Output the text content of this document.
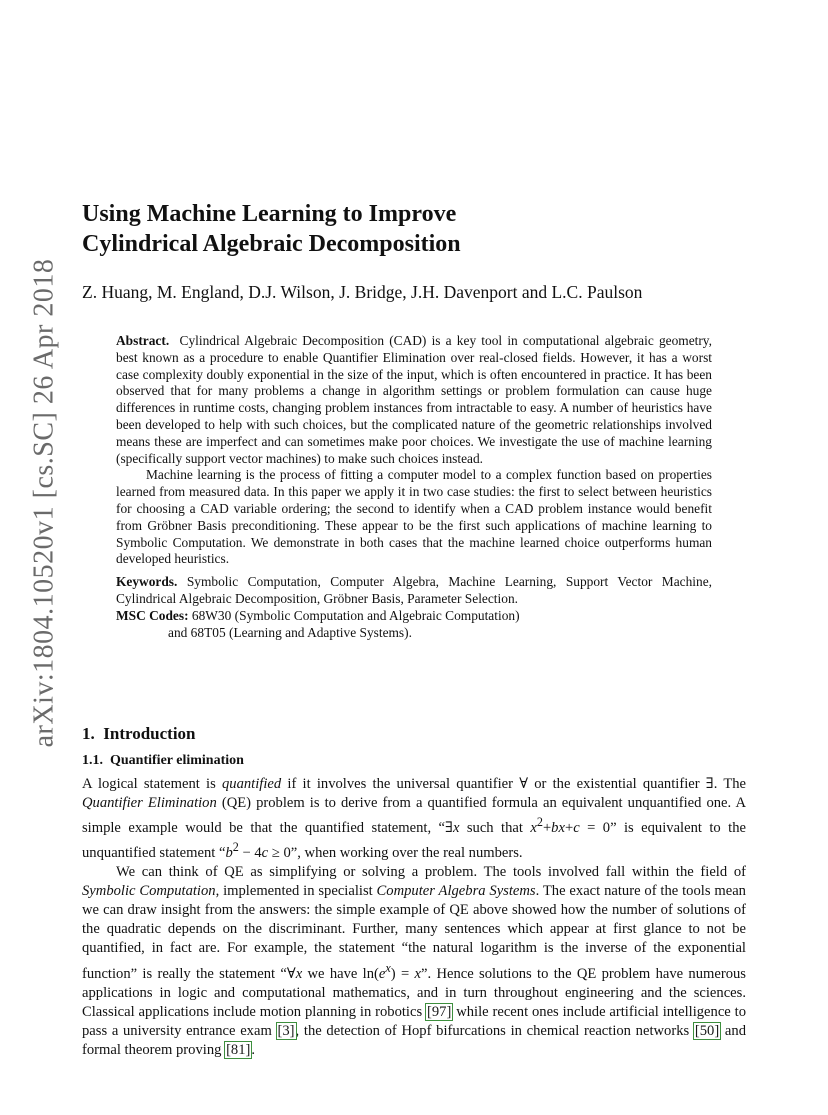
arXiv:1804.10520v1 [cs.SC] 26 Apr 2018
Using Machine Learning to Improve
Cylindrical Algebraic Decomposition

Z. Huang, M. England, D.J. Wilson, J. Bridge, J.H. Davenport and L.C. Paulson

Abstract. Cylindrical Algebraic Decomposition (CAD) is a key tool in computational algebraic geometry, best known as a procedure to enable Quantifier Elimination over real-closed fields. However, it has a worst case complexity doubly exponential in the size of the input, which is often encountered in practice. It has been observed that for many problems a change in algorithm settings or problem formulation can cause huge differences in runtime costs, changing problem instances from intractable to easy. A number of heuristics have been developed to help with such choices, but the complicated nature of the geometric relationships involved means these are imperfect and can sometimes make poor choices. We investigate the use of machine learning (specifically support vector machines) to make such choices instead.

Machine learning is the process of fitting a computer model to a complex function based on properties learned from measured data. In this paper we apply it in two case studies: the first to select between heuristics for choosing a CAD variable ordering; the second to identify when a CAD problem instance would benefit from Gröbner Basis preconditioning. These appear to be the first such applications of machine learning to Symbolic Computation. We demonstrate in both cases that the machine learned choice outperforms human developed heuristics.

Keywords. Symbolic Computation, Computer Algebra, Machine Learning, Support Vector Machine, Cylindrical Algebraic Decomposition, Gröbner Basis, Parameter Selection.

MSC Codes: 68W30 (Symbolic Computation and Algebraic Computation)

and 68T05 (Learning and Adaptive Systems).

1. Introduction
1.1. Quantifier elimination

A logical statement is quantified if it involves the universal quantifier ∀ or the existential quantifier ∃. The Quantifier Elimination (QE) problem is to derive from a quantified formula an equivalent unquantified one. A simple example would be that the quantified statement, “∃x such that $x^2+bx+c = 0$” is equivalent to the unquantified statement “$b^2 - 4c \ge 0$”, when working over the real numbers.

We can think of QE as simplifying or solving a problem. The tools involved fall within the field of Symbolic Computation, implemented in specialist Computer Algebra Systems. The exact nature of the tools mean we can draw insight from the answers: the simple example of QE above showed how the number of solutions of the quadratic depends on the discriminant. Further, many sentences which appear at first glance to not be quantified, in fact are. For example, the statement “the natural logarithm is the inverse of the exponential function” is really the statement “∀x we have $\ln(e^x) = x$”. Hence solutions to the QE problem have numerous applications in logic and computational mathematics, and in turn throughout engineering and the sciences. Classical applications include motion planning in robotics [97] while recent ones include artificial intelligence to pass a university entrance exam [3], the detection of Hopf bifurcations in chemical reaction networks [50] and formal theorem proving [81].
